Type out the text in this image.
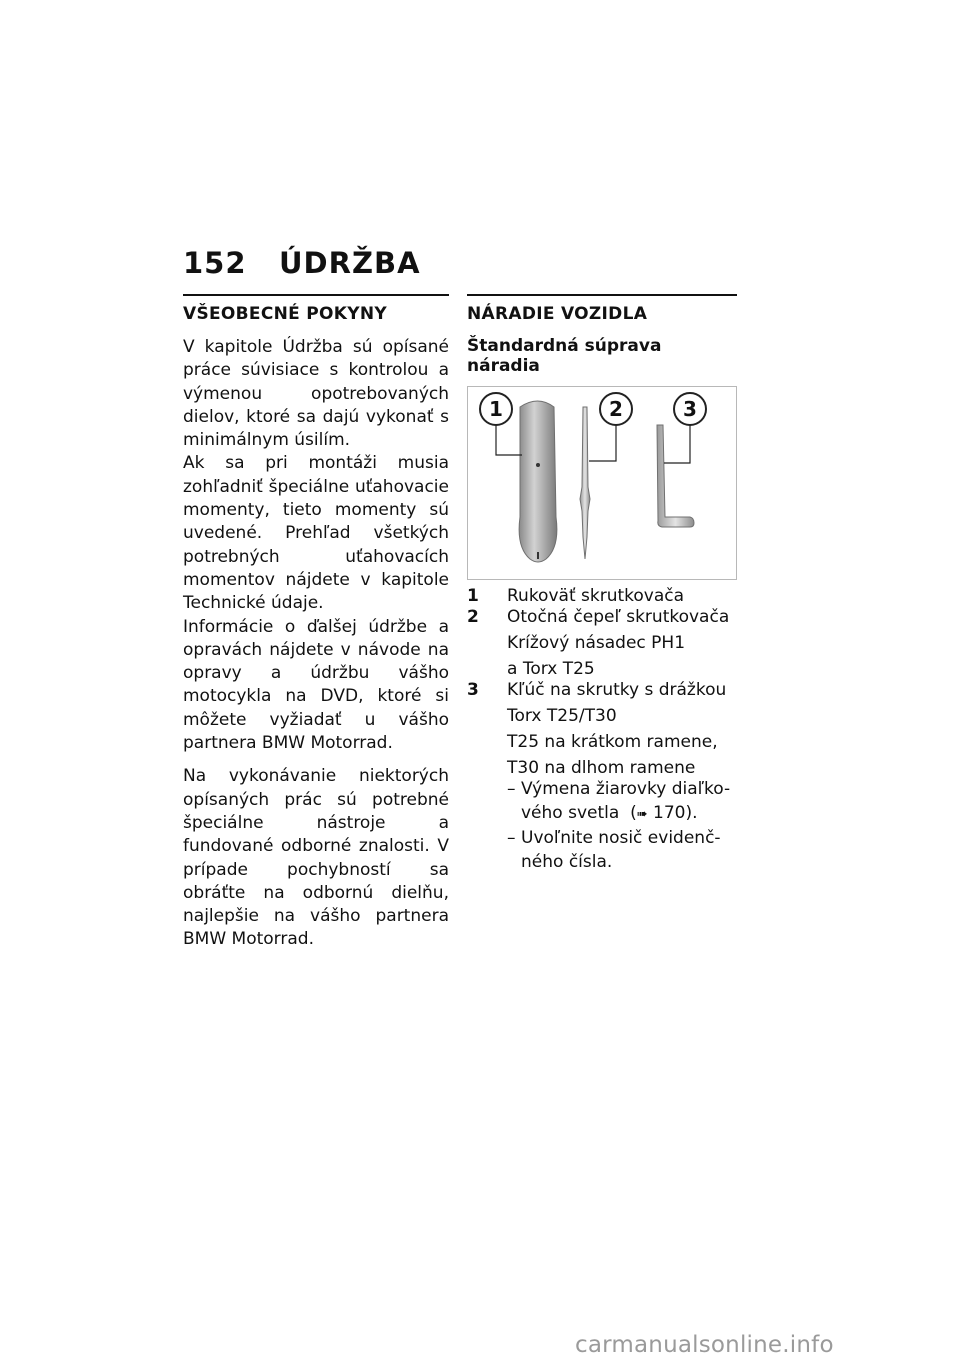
152 ÚDRŽBA
VŠEOBECNÉ POKYNY

V kapitole Údržba sú opísané práce súvisiace s kontrolou a výmenou opotrebovaných dielov, ktoré sa dajú vykonať s minimálnym úsilím.

Ak sa pri montáži musia zohľadniť špeciálne uťahovacie momenty, tieto momenty sú uvedené. Prehľad všetkých potrebných uťahovacích momentov nájdete v kapitole Technické údaje.

Informácie o ďalšej údržbe a opravách nájdete v návode na opravy a údržbu vášho motocykla na DVD, ktoré si môžete vyžiadať u vášho partnera BMW Motorrad.

Na vykonávanie niektorých opísaných prác sú potrebné špeciálne nástroje a fundované odborné znalosti. V prípade pochybností sa obráťte na odbornú dielňu, najlepšie na vášho partnera BMW Motorrad.

NÁRADIE VOZIDLA
Štandardná súprava náradia
1	2	3
1	Rukoväť skrutkovača
2	Otočná čepeľ skrutkovača
Krížový násadec PH1
a Torx T25
3	Kľúč na skrutky s drážkou
Torx T25/T30
T25 na krátkom ramene,
T30 na dlhom ramene
– Výmena žiarovky diaľko-
vého svetla  (➠ 170).
– Uvoľnite nosič evidenč-
ného čísla.
carmanualsonline.info
